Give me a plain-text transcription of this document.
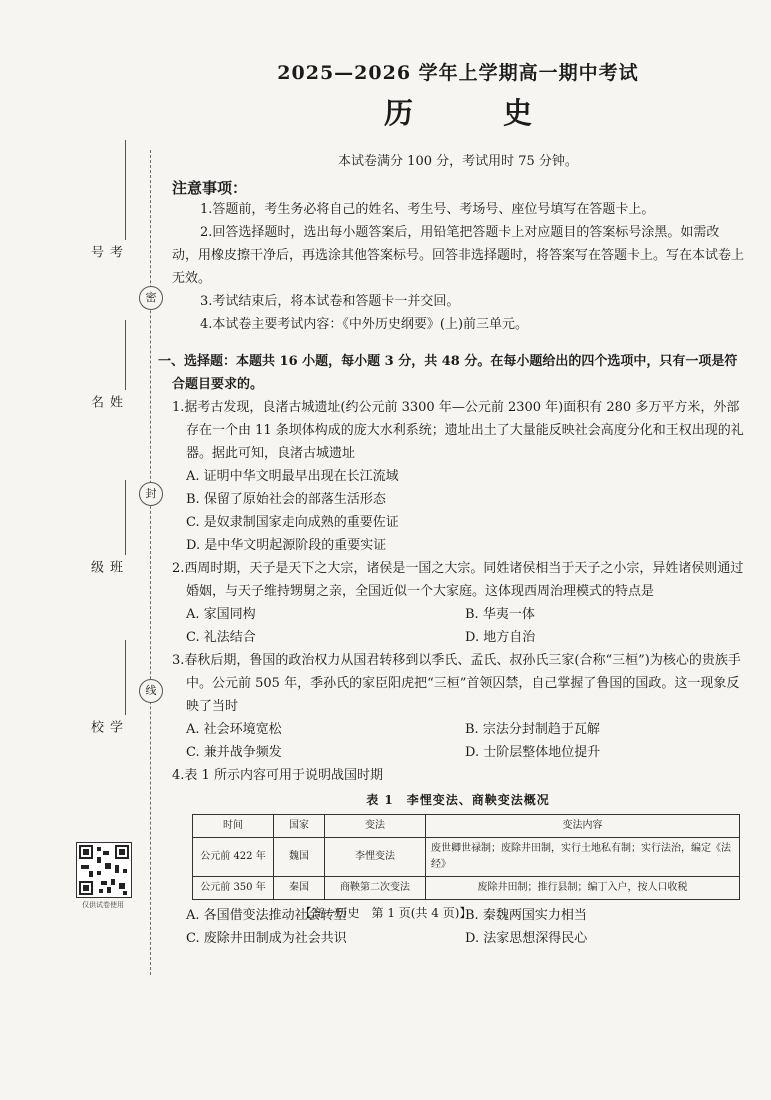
考号
姓名
班级
学校
仅供试卷使用
密
封
线
2025—2026 学年上学期高一期中考试
历 史
本试卷满分 100 分，考试用时 75 分钟。
注意事项：

1.答题前，考生务必将自己的姓名、考生号、考场号、座位号填写在答题卡上。

2.回答选择题时，选出每小题答案后，用铅笔把答题卡上对应题目的答案标号涂黑。如需改动，用橡皮擦干净后，再选涂其他答案标号。回答非选择题时，将答案写在答题卡上。写在本试卷上无效。

3.考试结束后，将本试卷和答题卡一并交回。

4.本试卷主要考试内容：《中外历史纲要》(上)前三单元。

一、选择题：本题共 16 小题，每小题 3 分，共 48 分。在每小题给出的四个选项中，只有一项是符合题目要求的。
1.据考古发现，良渚古城遗址(约公元前 3300 年—公元前 2300 年)面积有 280 多万平方米，外部存在一个由 11 条坝体构成的庞大水利系统；遗址出土了大量能反映社会高度分化和王权出现的礼器。据此可知，良渚古城遗址
A. 证明中华文明最早出现在长江流域
B. 保留了原始社会的部落生活形态
C. 是奴隶制国家走向成熟的重要佐证
D. 是中华文明起源阶段的重要实证
2.西周时期，天子是天下之大宗，诸侯是一国之大宗。同姓诸侯相当于天子之小宗，异姓诸侯则通过婚姻，与天子维持甥舅之亲，全国近似一个大家庭。这体现西周治理模式的特点是
A. 家国同构	B. 华夷一体
C. 礼法结合	D. 地方自治
3.春秋后期，鲁国的政治权力从国君转移到以季氏、孟氏、叔孙氏三家(合称“三桓”)为核心的贵族手中。公元前 505 年，季孙氏的家臣阳虎把“三桓”首领囚禁，自己掌握了鲁国的国政。这一现象反映了当时
A. 社会环境宽松	B. 宗法分封制趋于瓦解
C. 兼并战争频发	D. 士阶层整体地位提升
4.表 1 所示内容可用于说明战国时期
表 1　李悝变法、商鞅变法概况
时间	国家	变法	变法内容
公元前 422 年	魏国	李悝变法	废世卿世禄制；废除井田制，实行土地私有制；实行法治，编定《法经》
公元前 350 年	秦国	商鞅第二次变法	废除井田制；推行县制；编丁入户，按人口收税
A. 各国借变法推动社会转型	B. 秦魏两国实力相当
C. 废除井田制成为社会共识	D. 法家思想深得民心
【高一历史　第 1 页(共 4 页)】
